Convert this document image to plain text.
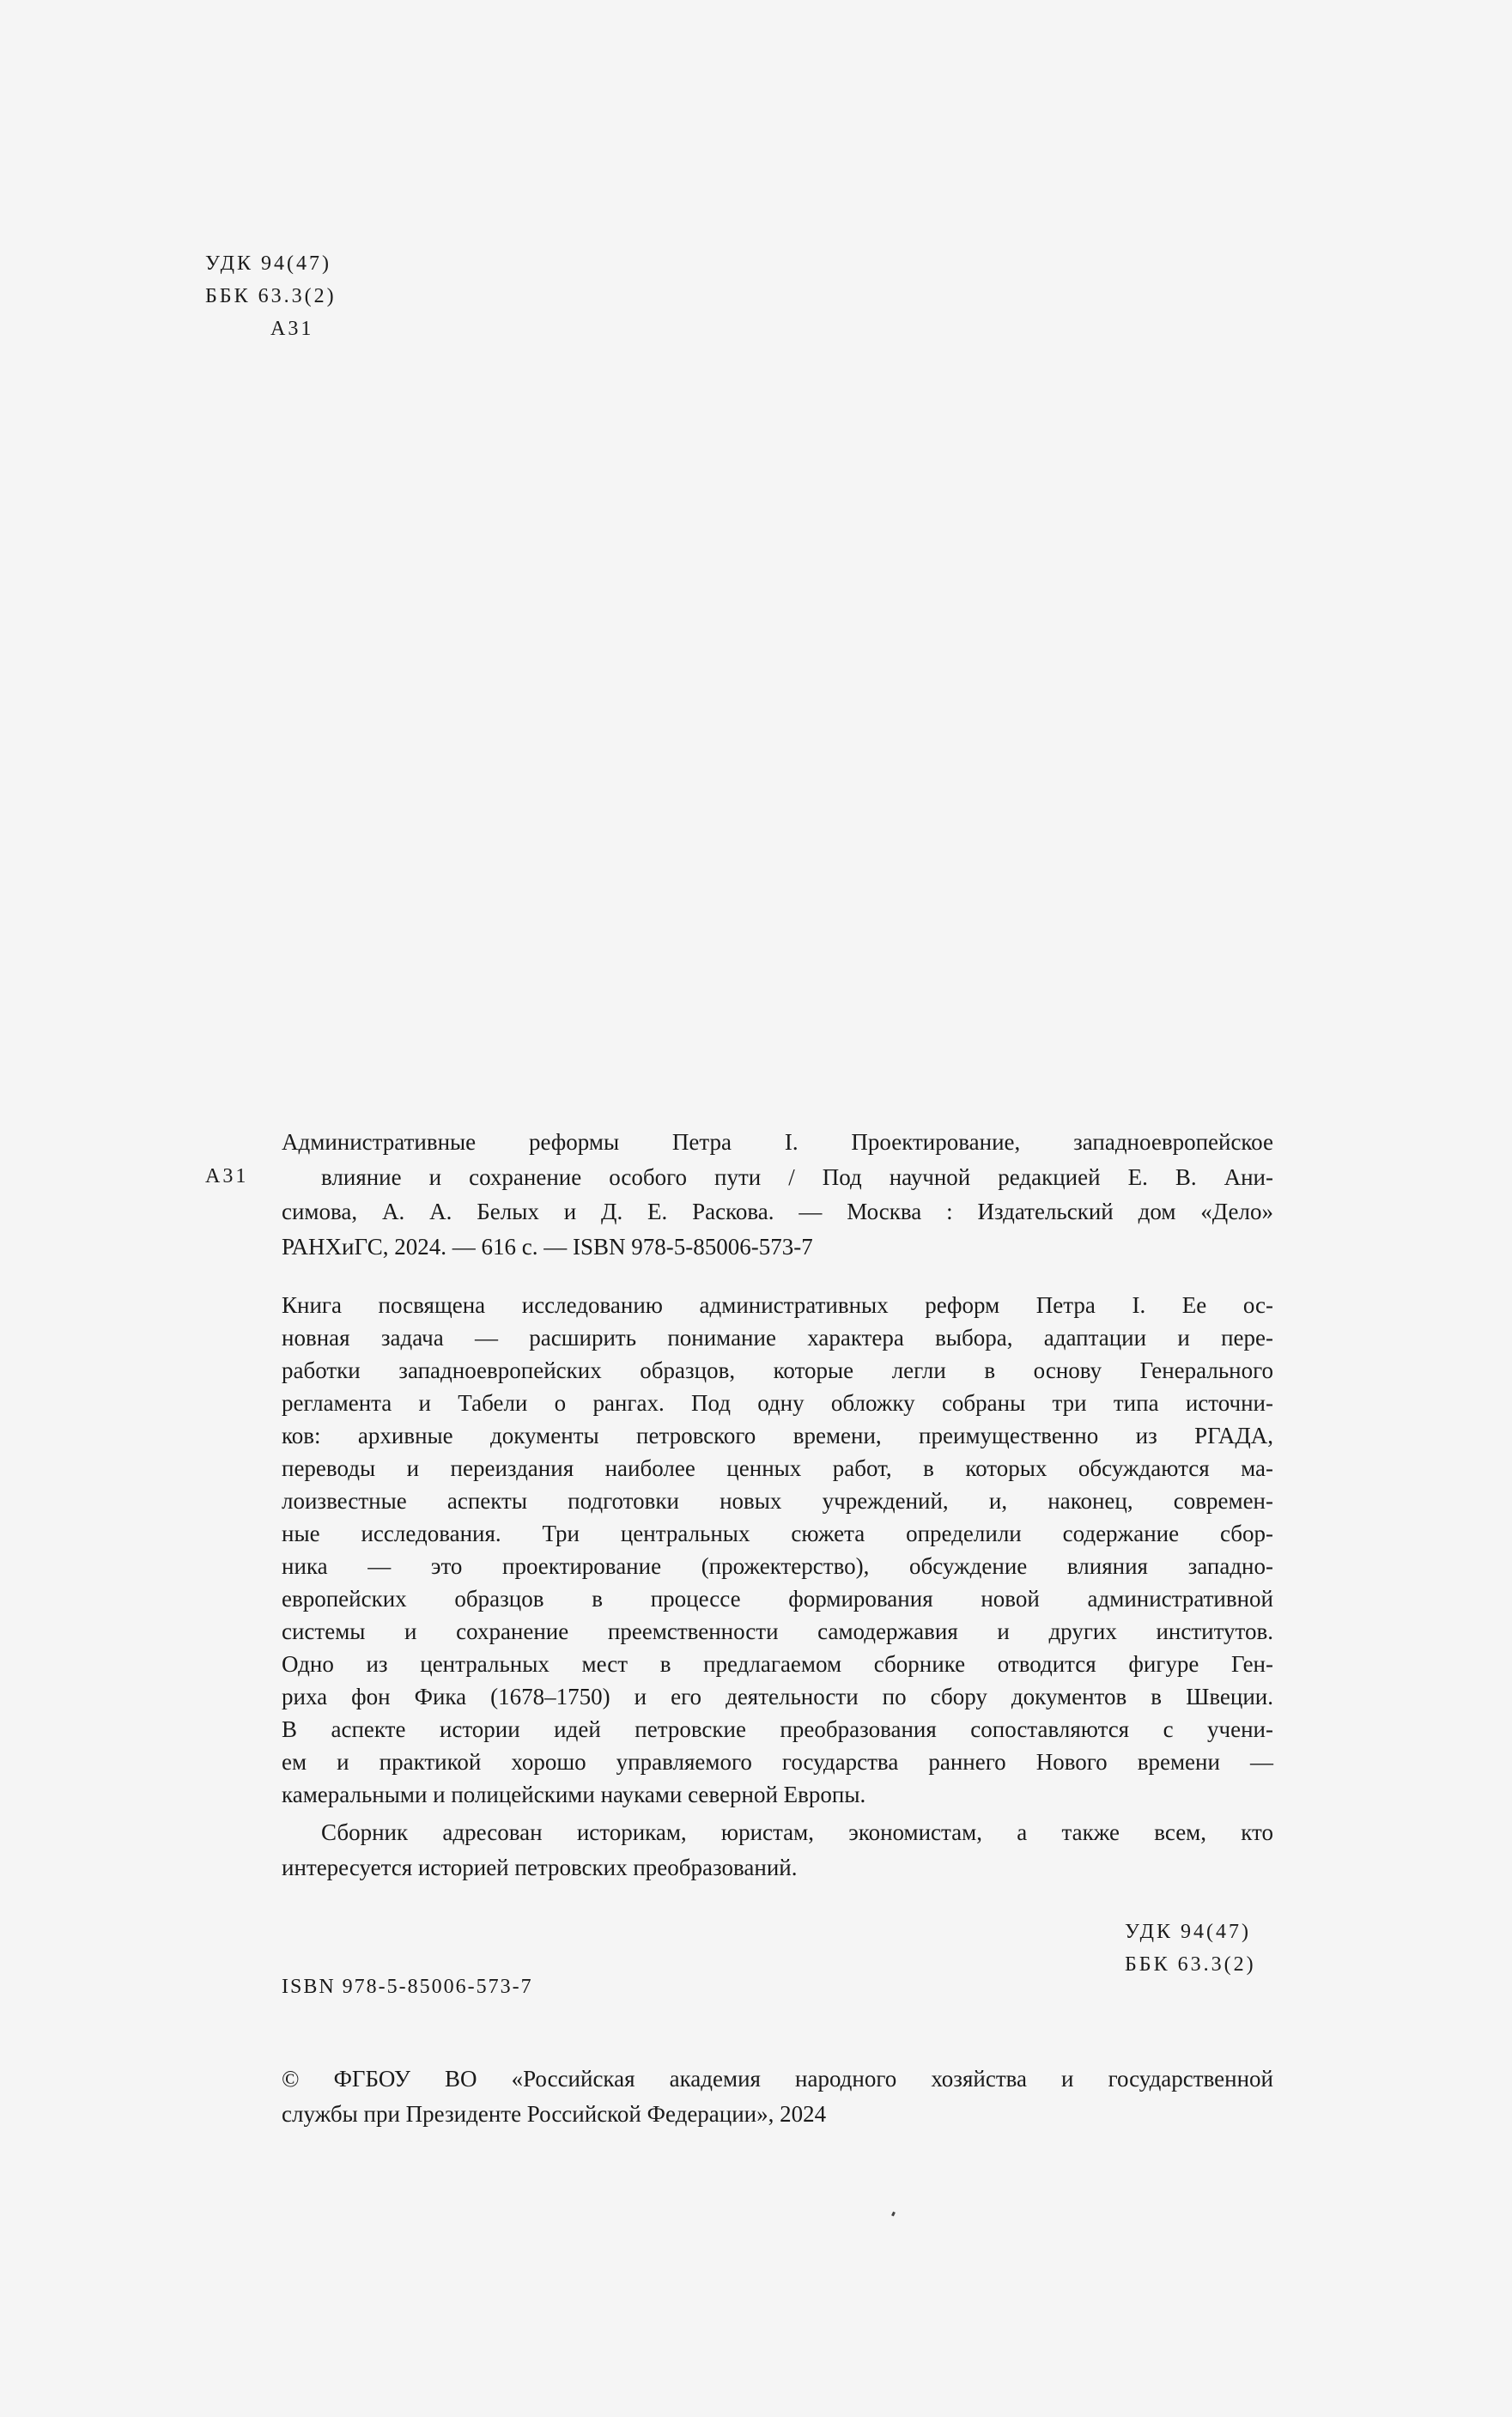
УДК 94(47)
ББК 63.3(2)
А31
А31
Административные реформы Петра I. Проектирование, западноевропейское
влияние и сохранение особого пути / Под научной редакцией Е. В. Ани-
симова, А. А. Белых и Д. Е. Раскова. — Москва : Издательский дом «Дело»
РАНХиГС, 2024. — 616 с. — ISBN 978-5-85006-573-7
Книга посвящена исследованию административных реформ Петра I. Ее ос-
новная задача — расширить понимание характера выбора, адаптации и пере-
работки западноевропейских образцов, которые легли в основу Генерального
регламента и Табели о рангах. Под одну обложку собраны три типа источни-
ков: архивные документы петровского времени, преимущественно из РГАДА,
переводы и переиздания наиболее ценных работ, в которых обсуждаются ма-
лоизвестные аспекты подготовки новых учреждений, и, наконец, современ-
ные исследования. Три центральных сюжета определили содержание сбор-
ника — это проектирование (прожектерство), обсуждение влияния западно-
европейских образцов в процессе формирования новой административной
системы и сохранение преемственности самодержавия и других институтов.
Одно из центральных мест в предлагаемом сборнике отводится фигуре Ген-
риха фон Фика (1678–1750) и его деятельности по сбору документов в Швеции.
В аспекте истории идей петровские преобразования сопоставляются с учени-
ем и практикой хорошо управляемого государства раннего Нового времени —
камеральными и полицейскими науками северной Европы.
Сборник адресован историкам, юристам, экономистам, а также всем, кто
интересуется историей петровских преобразований.
УДК 94(47)
ББК 63.3(2)
ISBN 978-5-85006-573-7
© ФГБОУ ВО «Российская академия народного хозяйства и государственной
службы при Президенте Российской Федерации», 2024
